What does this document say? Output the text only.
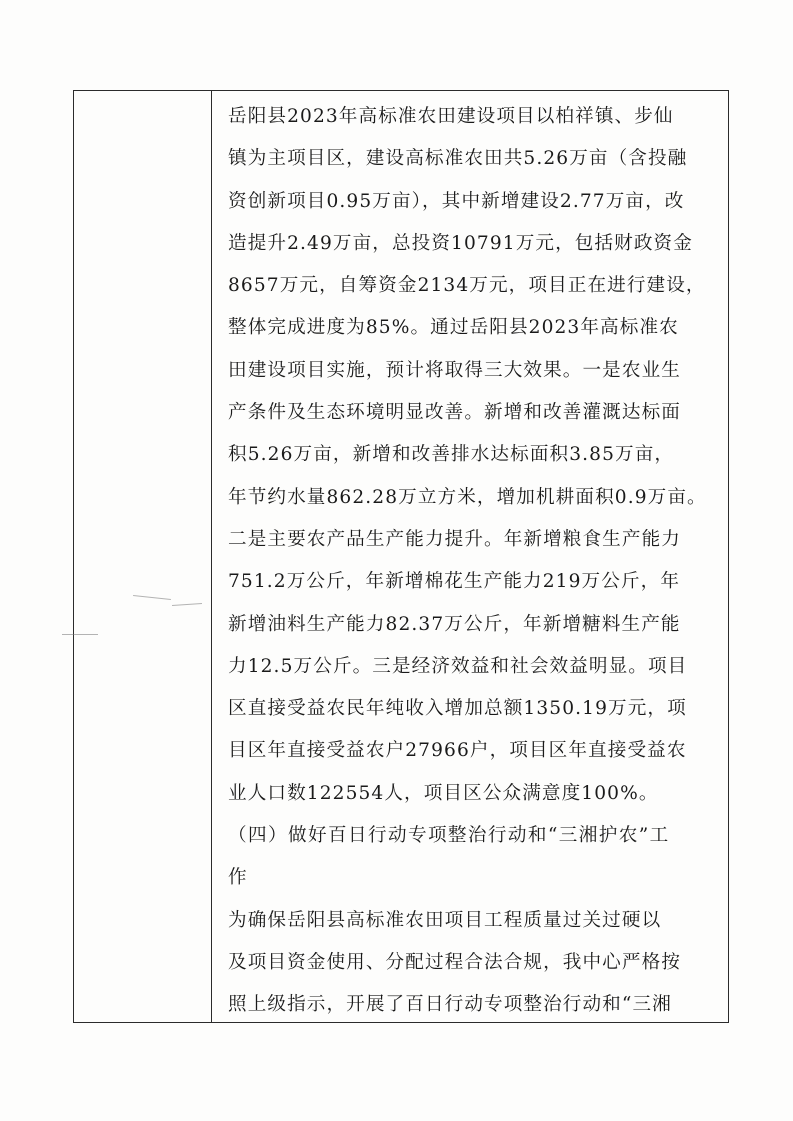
岳阳县2023年高标准农田建设项目以柏祥镇、步仙
镇为主项目区，建设高标准农田共5.26万亩（含投融
资创新项目0.95万亩），其中新增建设2.77万亩，改
造提升2.49万亩，总投资10791万元，包括财政资金
8657万元，自筹资金2134万元，项目正在进行建设，
整体完成进度为85%。通过岳阳县2023年高标准农
田建设项目实施，预计将取得三大效果。一是农业生
产条件及生态环境明显改善。新增和改善灌溉达标面
积5.26万亩，新增和改善排水达标面积3.85万亩，
年节约水量862.28万立方米，增加机耕面积0.9万亩。
二是主要农产品生产能力提升。年新增粮食生产能力
751.2万公斤，年新增棉花生产能力219万公斤，年
新增油料生产能力82.37万公斤，年新增糖料生产能
力12.5万公斤。三是经济效益和社会效益明显。项目
区直接受益农民年纯收入增加总额1350.19万元，项
目区年直接受益农户27966户，项目区年直接受益农
业人口数122554人，项目区公众满意度100%。
（四）做好百日行动专项整治行动和“三湘护农”工
作
为确保岳阳县高标准农田项目工程质量过关过硬以
及项目资金使用、分配过程合法合规，我中心严格按
照上级指示，开展了百日行动专项整治行动和“三湘
